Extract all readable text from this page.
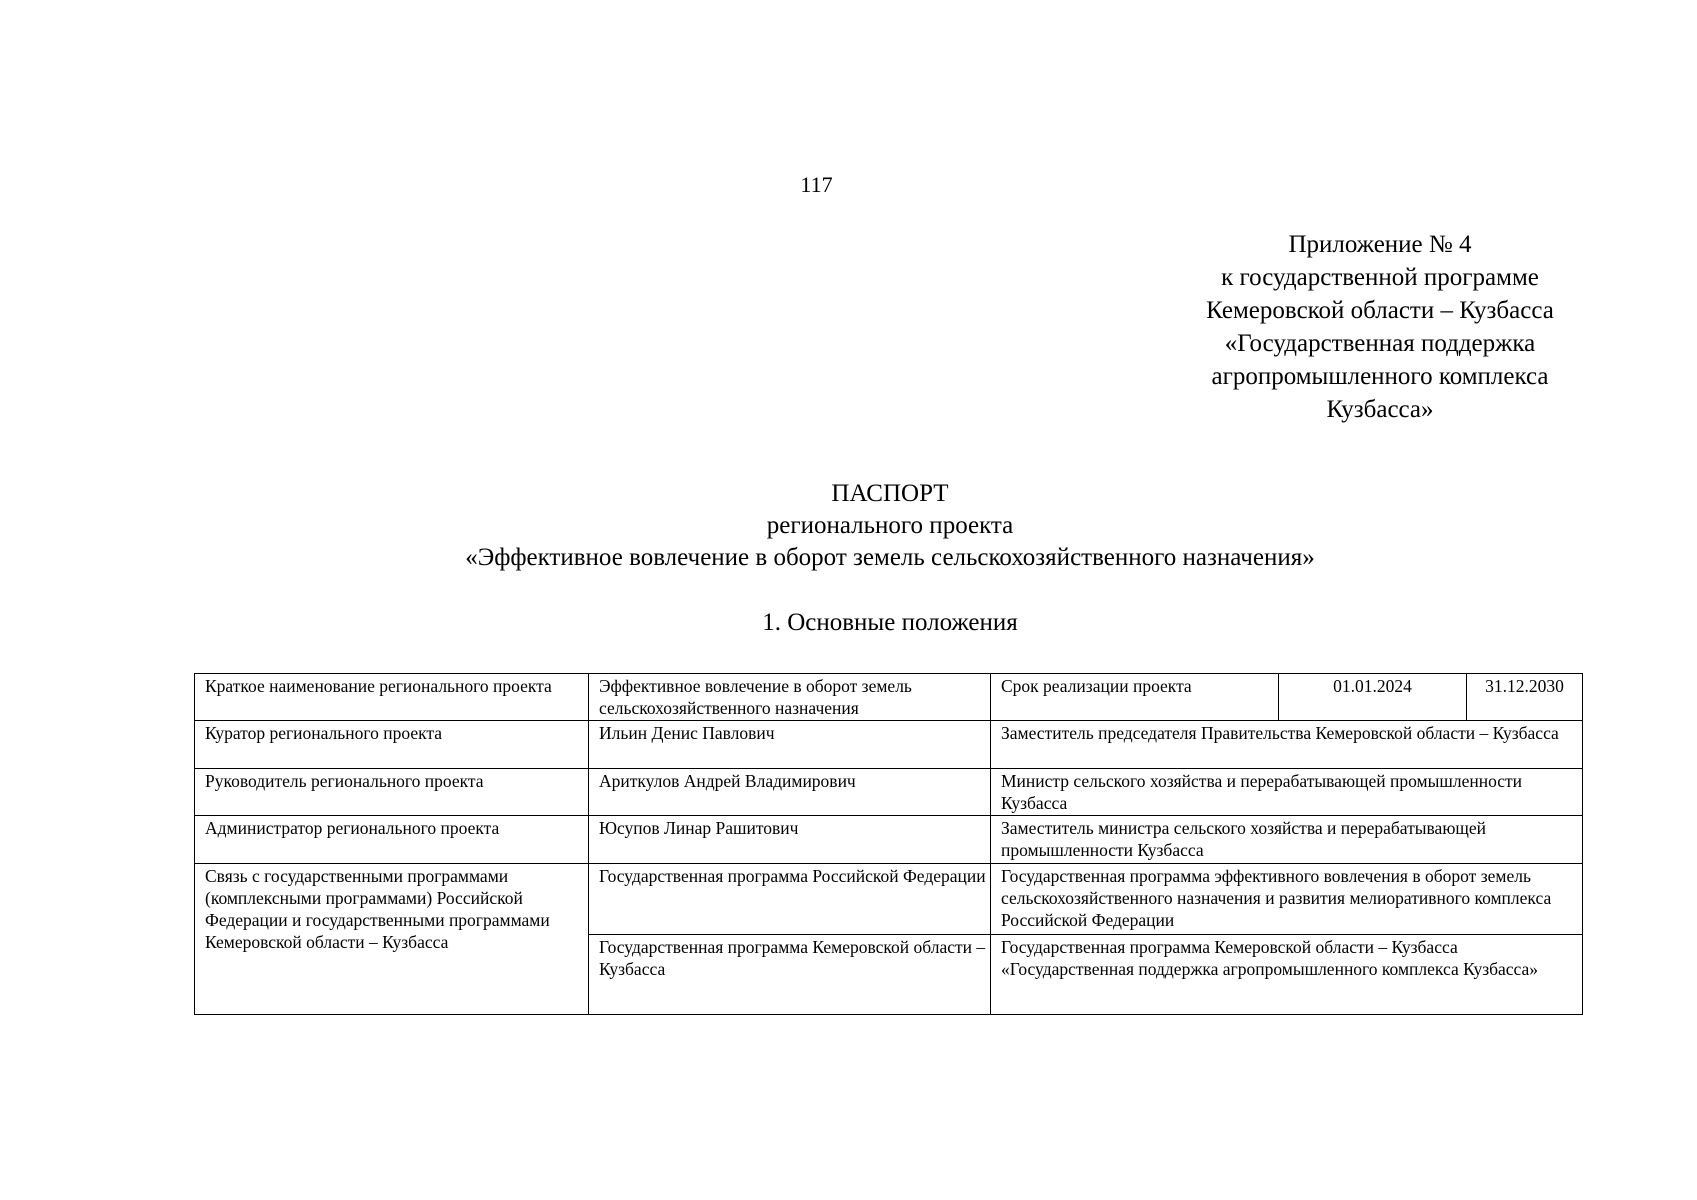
117
Приложение № 4
к государственной программе
Кемеровской области – Кузбасса
«Государственная поддержка
агропромышленного комплекса
Кузбасса»
ПАСПОРТ
регионального проекта
«Эффективное вовлечение в оборот земель сельскохозяйственного назначения»
1. Основные положения
Краткое наименование регионального проекта	Эффективное вовлечение в оборот земель сельскохозяйственного назначения	Срок реализации проекта	01.01.2024	31.12.2030
Куратор регионального проекта	Ильин Денис Павлович	Заместитель председателя Правительства Кемеровской области – Кузбасса		
Руководитель регионального проекта	Ариткулов Андрей Владимирович	Министр сельского хозяйства и перерабатывающей промышленности Кузбасса		
Администратор регионального проекта	Юсупов Линар Рашитович	Заместитель министра сельского хозяйства и перерабатывающей промышленности Кузбасса		
Связь с государственными программами (комплексными программами) Российской Федерации и государственными программами Кемеровской области – Кузбасса	Государственная программа Российской Федерации	Государственная программа эффективного вовлечения в оборот земель сельскохозяйственного назначения и развития мелиоративного комплекса Российской Федерации		
	Государственная программа Кемеровской области – Кузбасса	Государственная программа Кемеровской области – Кузбасса «Государственная поддержка агропромышленного комплекса Кузбасса»		
